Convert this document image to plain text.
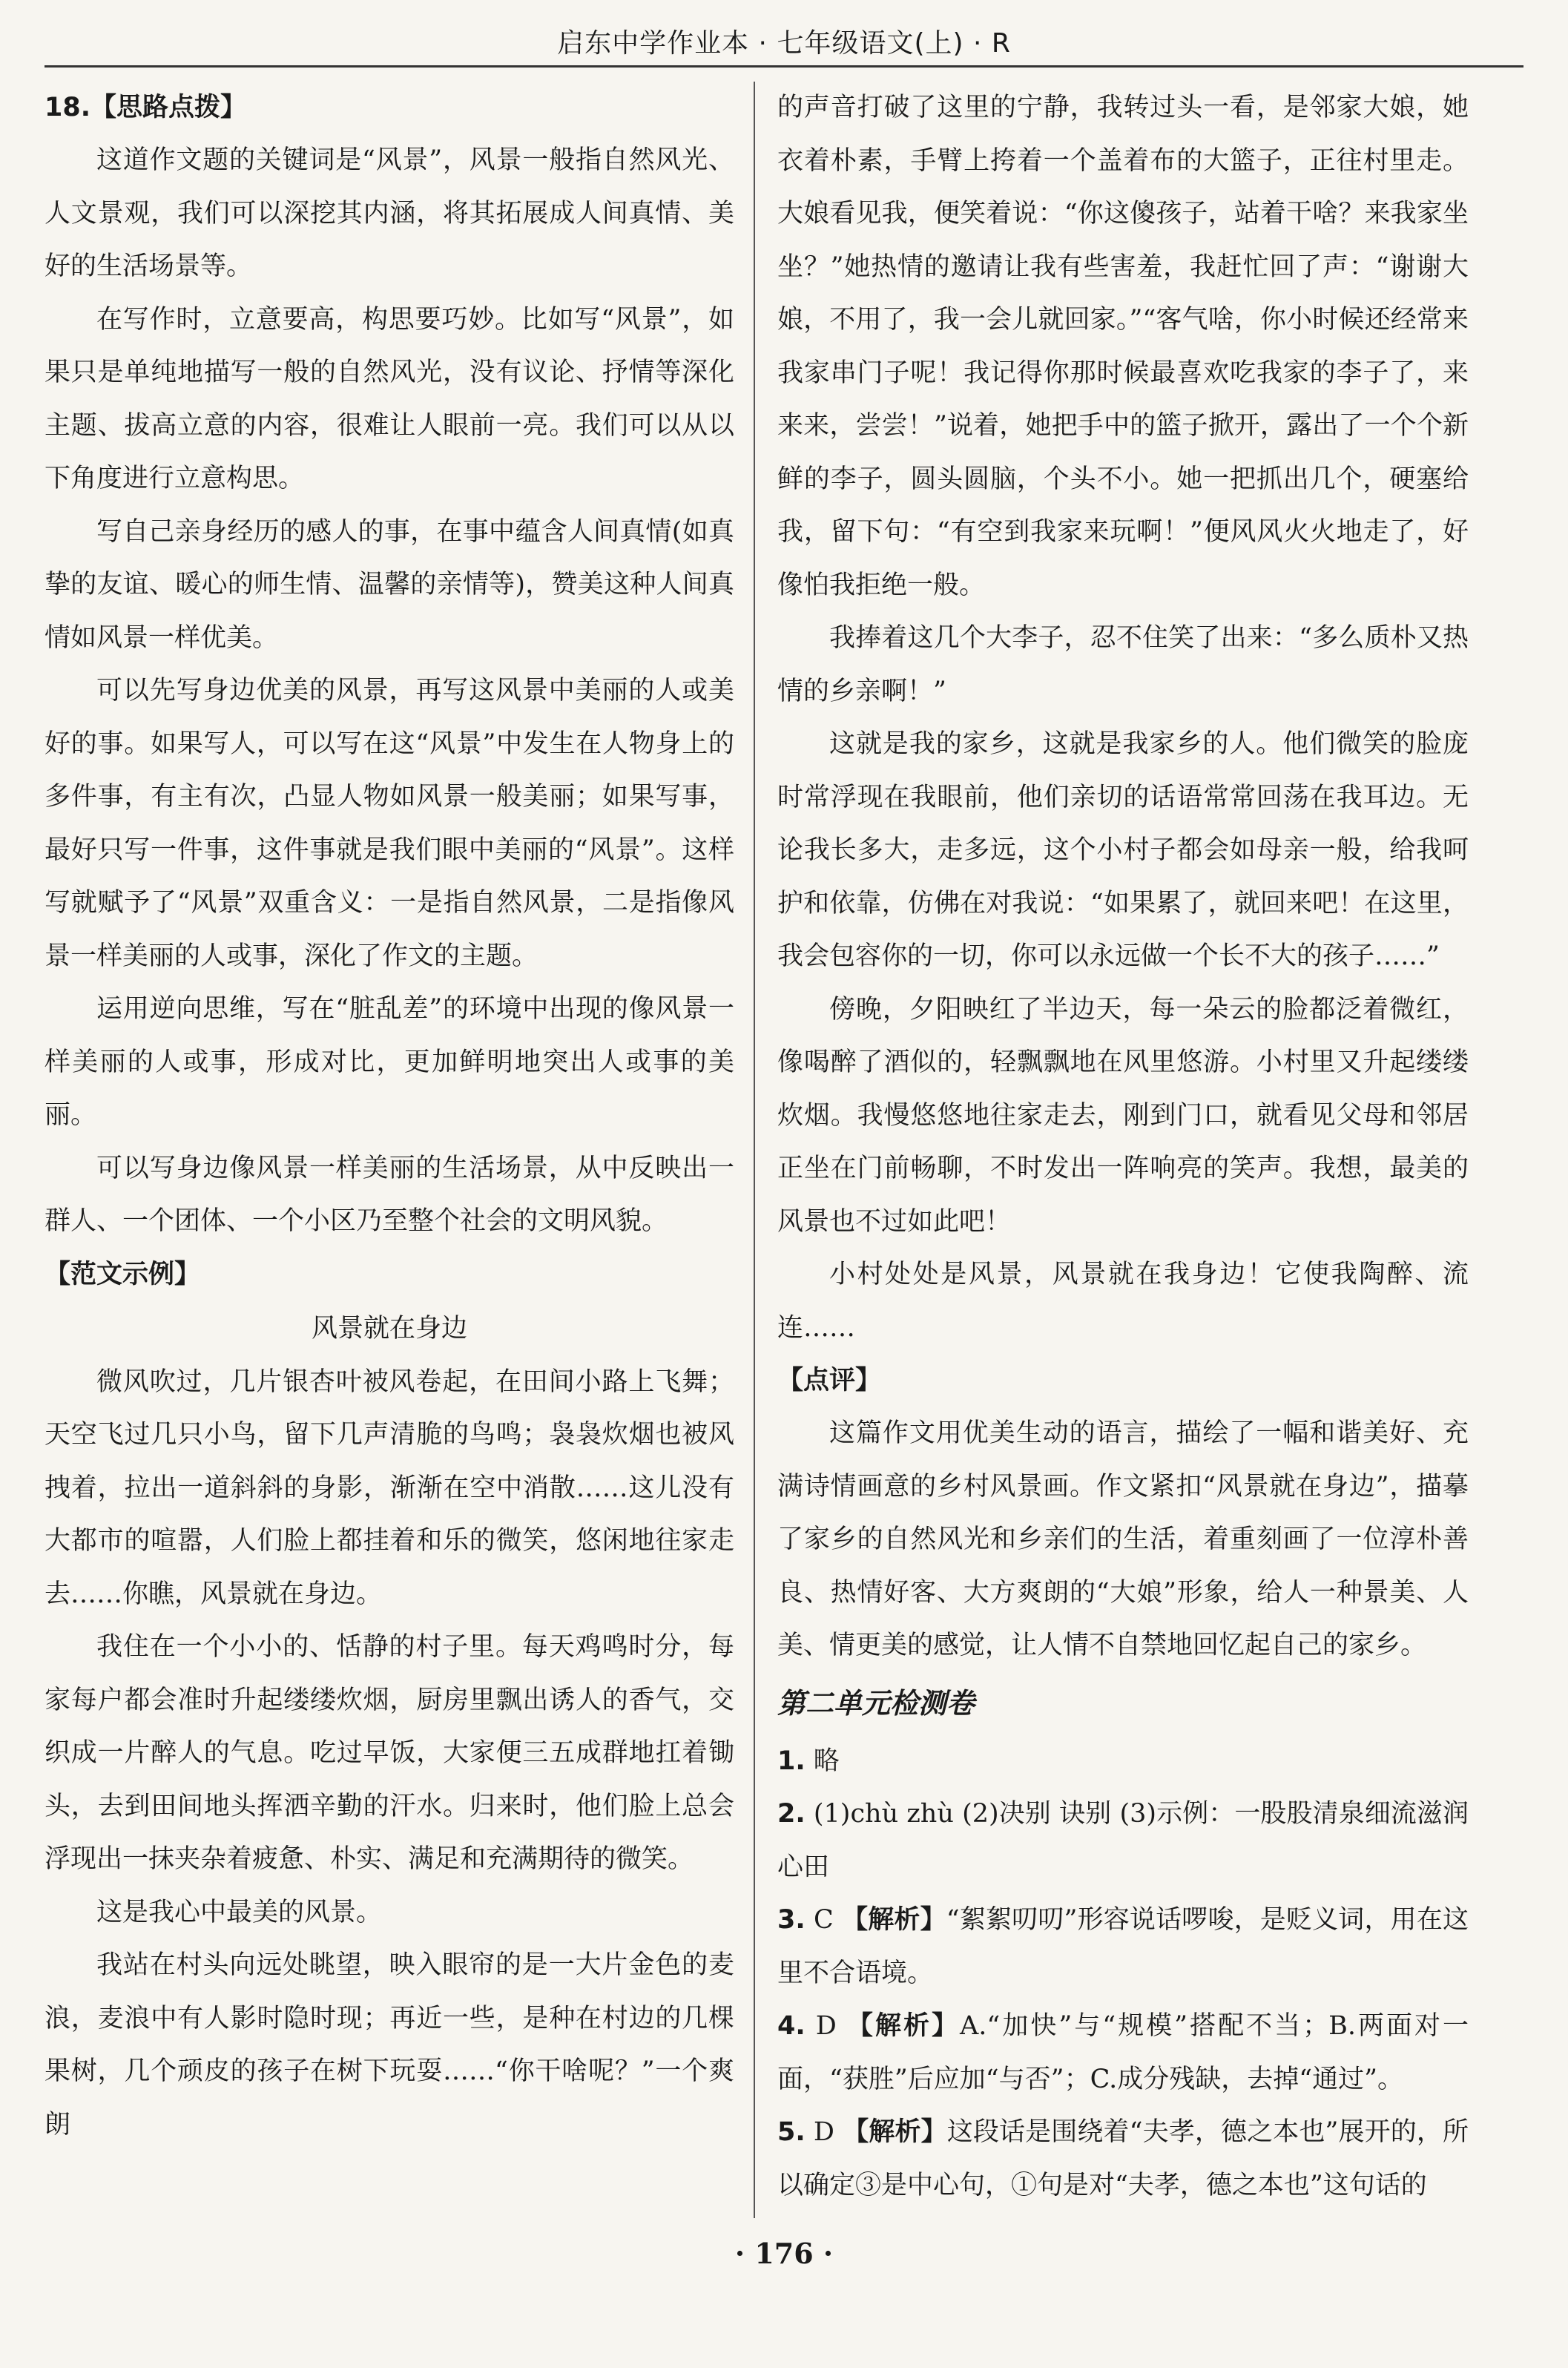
启东中学作业本 · 七年级语文(上) · R

18.【思路点拨】

这道作文题的关键词是“风景”，风景一般指自然风光、人文景观，我们可以深挖其内涵，将其拓展成人间真情、美好的生活场景等。

在写作时，立意要高，构思要巧妙。比如写“风景”，如果只是单纯地描写一般的自然风光，没有议论、抒情等深化主题、拔高立意的内容，很难让人眼前一亮。我们可以从以下角度进行立意构思。

写自己亲身经历的感人的事，在事中蕴含人间真情(如真挚的友谊、暖心的师生情、温馨的亲情等)，赞美这种人间真情如风景一样优美。

可以先写身边优美的风景，再写这风景中美丽的人或美好的事。如果写人，可以写在这“风景”中发生在人物身上的多件事，有主有次，凸显人物如风景一般美丽；如果写事，最好只写一件事，这件事就是我们眼中美丽的“风景”。这样写就赋予了“风景”双重含义：一是指自然风景，二是指像风景一样美丽的人或事，深化了作文的主题。

运用逆向思维，写在“脏乱差”的环境中出现的像风景一样美丽的人或事，形成对比，更加鲜明地突出人或事的美丽。

可以写身边像风景一样美丽的生活场景，从中反映出一群人、一个团体、一个小区乃至整个社会的文明风貌。

【范文示例】

风景就在身边

微风吹过，几片银杏叶被风卷起，在田间小路上飞舞；天空飞过几只小鸟，留下几声清脆的鸟鸣；袅袅炊烟也被风拽着，拉出一道斜斜的身影，渐渐在空中消散……这儿没有大都市的喧嚣，人们脸上都挂着和乐的微笑，悠闲地往家走去……你瞧，风景就在身边。

我住在一个小小的、恬静的村子里。每天鸡鸣时分，每家每户都会准时升起缕缕炊烟，厨房里飘出诱人的香气，交织成一片醉人的气息。吃过早饭，大家便三五成群地扛着锄头，去到田间地头挥洒辛勤的汗水。归来时，他们脸上总会浮现出一抹夹杂着疲惫、朴实、满足和充满期待的微笑。

这是我心中最美的风景。

我站在村头向远处眺望，映入眼帘的是一大片金色的麦浪，麦浪中有人影时隐时现；再近一些，是种在村边的几棵果树，几个顽皮的孩子在树下玩耍……“你干啥呢？”一个爽朗

的声音打破了这里的宁静，我转过头一看，是邻家大娘，她衣着朴素，手臂上挎着一个盖着布的大篮子，正往村里走。大娘看见我，便笑着说：“你这傻孩子，站着干啥？来我家坐坐？”她热情的邀请让我有些害羞，我赶忙回了声：“谢谢大娘，不用了，我一会儿就回家。”“客气啥，你小时候还经常来我家串门子呢！我记得你那时候最喜欢吃我家的李子了，来来来，尝尝！”说着，她把手中的篮子掀开，露出了一个个新鲜的李子，圆头圆脑，个头不小。她一把抓出几个，硬塞给我，留下句：“有空到我家来玩啊！”便风风火火地走了，好像怕我拒绝一般。

我捧着这几个大李子，忍不住笑了出来：“多么质朴又热情的乡亲啊！”

这就是我的家乡，这就是我家乡的人。他们微笑的脸庞时常浮现在我眼前，他们亲切的话语常常回荡在我耳边。无论我长多大，走多远，这个小村子都会如母亲一般，给我呵护和依靠，仿佛在对我说：“如果累了，就回来吧！在这里，我会包容你的一切，你可以永远做一个长不大的孩子……”

傍晚，夕阳映红了半边天，每一朵云的脸都泛着微红，像喝醉了酒似的，轻飘飘地在风里悠游。小村里又升起缕缕炊烟。我慢悠悠地往家走去，刚到门口，就看见父母和邻居正坐在门前畅聊，不时发出一阵响亮的笑声。我想，最美的风景也不过如此吧！

小村处处是风景，风景就在我身边！它使我陶醉、流连……

【点评】

这篇作文用优美生动的语言，描绘了一幅和谐美好、充满诗情画意的乡村风景画。作文紧扣“风景就在身边”，描摹了家乡的自然风光和乡亲们的生活，着重刻画了一位淳朴善良、热情好客、大方爽朗的“大娘”形象，给人一种景美、人美、情更美的感觉，让人情不自禁地回忆起自己的家乡。

第二单元检测卷

1. 略

2. (1)chù zhù (2)决别 诀别 (3)示例：一股股清泉细流滋润心田

3. C 【解析】“絮絮叨叨”形容说话啰唆，是贬义词，用在这里不合语境。

4. D 【解析】A.“加快”与“规模”搭配不当；B.两面对一面，“获胜”后应加“与否”；C.成分残缺，去掉“通过”。

5. D 【解析】这段话是围绕着“夫孝，德之本也”展开的，所以确定③是中心句，①句是对“夫孝，德之本也”这句话的

· 176 ·
